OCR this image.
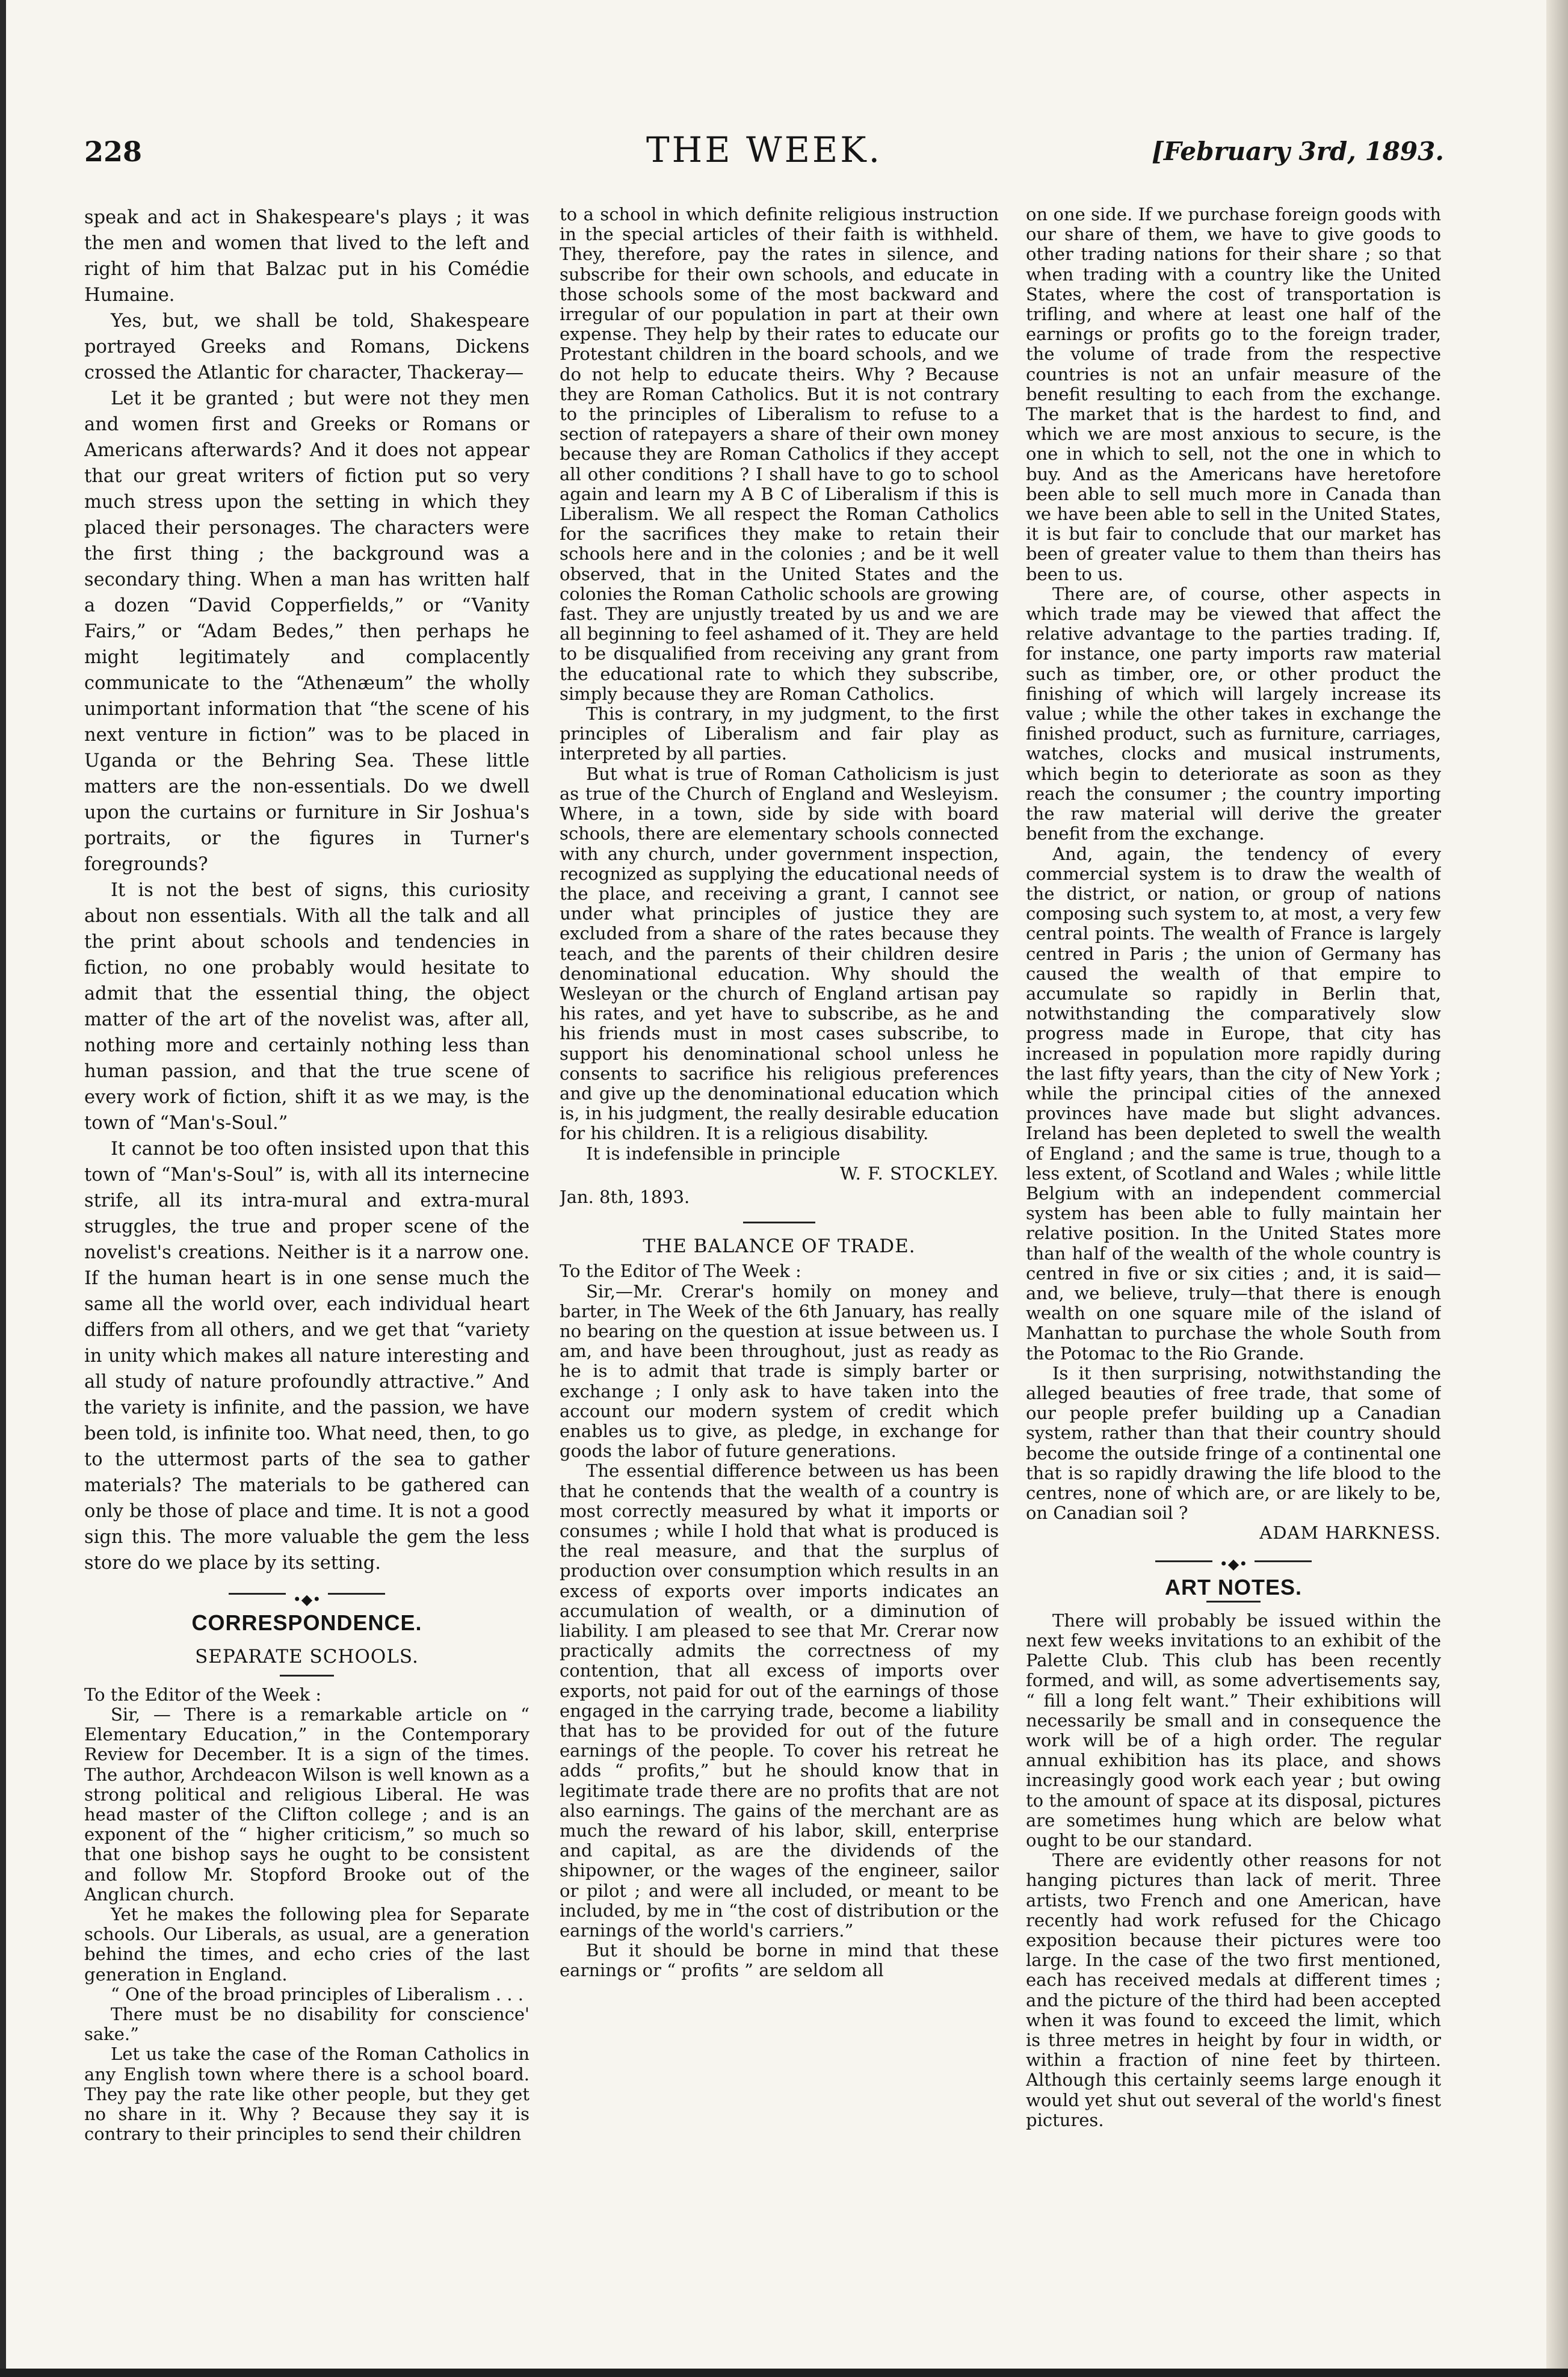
228	THE WEEK.	[February 3rd, 1893.

speak and act in Shakespeare's plays ; it was the men and women that lived to the left and right of him that Balzac put in his Comédie Humaine.

Yes, but, we shall be told, Shakespeare portrayed Greeks and Romans, Dickens crossed the Atlantic for character, Thackeray—

Let it be granted ; but were not they men and women first and Greeks or Romans or Americans afterwards? And it does not appear that our great writers of fiction put so very much stress upon the setting in which they placed their personages. The characters were the first thing ; the background was a secondary thing. When a man has written half a dozen “David Copperfields,” or “Vanity Fairs,” or “Adam Bedes,” then perhaps he might legitimately and complacently communicate to the “Athenæum” the wholly unimportant information that “the scene of his next venture in fiction” was to be placed in Uganda or the Behring Sea. These little matters are the non-essentials. Do we dwell upon the curtains or furniture in Sir Joshua's portraits, or the figures in Turner's foregrounds?

It is not the best of signs, this curiosity about non essentials. With all the talk and all the print about schools and tendencies in fiction, no one probably would hesitate to admit that the essential thing, the object matter of the art of the novelist was, after all, nothing more and certainly nothing less than human passion, and that the true scene of every work of fiction, shift it as we may, is the town of “Man's-Soul.”

It cannot be too often insisted upon that this town of “Man's-Soul” is, with all its internecine strife, all its intra-mural and extra-mural struggles, the true and proper scene of the novelist's creations. Neither is it a narrow one. If the human heart is in one sense much the same all the world over, each individual heart differs from all others, and we get that “variety in unity which makes all nature interesting and all study of nature profoundly attractive.” And the variety is infinite, and the passion, we have been told, is infinite too. What need, then, to go to the uttermost parts of the sea to gather materials? The materials to be gathered can only be those of place and time. It is not a good sign this. The more valuable the gem the less store do we place by its setting.

•◆•
CORRESPONDENCE.
SEPARATE SCHOOLS.

To the Editor of the Week :

Sir, — There is a remarkable article on “ Elementary Education,” in the Contemporary Review for December. It is a sign of the times. The author, Archdeacon Wilson is well known as a strong political and religious Liberal. He was head master of the Clifton college ; and is an exponent of the “ higher criticism,” so much so that one bishop says he ought to be consistent and follow Mr. Stopford Brooke out of the Anglican church.

Yet he makes the following plea for Separate schools. Our Liberals, as usual, are a generation behind the times, and echo cries of the last generation in England.

“ One of the broad principles of Liberalism . . .

There must be no disability for conscience' sake.”

Let us take the case of the Roman Catholics in any English town where there is a school board. They pay the rate like other people, but they get no share in it. Why ? Because they say it is contrary to their principles to send their children

to a school in which definite religious instruction in the special articles of their faith is withheld. They, therefore, pay the rates in silence, and subscribe for their own schools, and educate in those schools some of the most backward and irregular of our population in part at their own expense. They help by their rates to educate our Protestant children in the board schools, and we do not help to educate theirs. Why ? Because they are Roman Catholics. But it is not contrary to the principles of Liberalism to refuse to a section of ratepayers a share of their own money because they are Roman Catholics if they accept all other conditions ? I shall have to go to school again and learn my A B C of Liberalism if this is Liberalism. We all respect the Roman Catholics for the sacrifices they make to retain their schools here and in the colonies ; and be it well observed, that in the United States and the colonies the Roman Catholic schools are growing fast. They are unjustly treated by us and we are all beginning to feel ashamed of it. They are held to be disqualified from receiving any grant from the educational rate to which they subscribe, simply because they are Roman Catholics.

This is contrary, in my judgment, to the first principles of Liberalism and fair play as interpreted by all parties.

But what is true of Roman Catholicism is just as true of the Church of England and Wesleyism. Where, in a town, side by side with board schools, there are elementary schools connected with any church, under government inspection, recognized as supplying the educational needs of the place, and receiving a grant, I cannot see under what principles of justice they are excluded from a share of the rates because they teach, and the parents of their children desire denominational education. Why should the Wesleyan or the church of England artisan pay his rates, and yet have to subscribe, as he and his friends must in most cases subscribe, to support his denominational school unless he consents to sacrifice his religious preferences and give up the denominational education which is, in his judgment, the really desirable education for his children. It is a religious disability.

It is indefensible in principle

W. F. STOCKLEY.
Jan. 8th, 1893.
THE BALANCE OF TRADE.

To the Editor of The Week :

Sir,—Mr. Crerar's homily on money and barter, in The Week of the 6th January, has really no bearing on the question at issue between us. I am, and have been throughout, just as ready as he is to admit that trade is simply barter or exchange ; I only ask to have taken into the account our modern system of credit which enables us to give, as pledge, in exchange for goods the labor of future generations.

The essential difference between us has been that he contends that the wealth of a country is most correctly measured by what it imports or consumes ; while I hold that what is produced is the real measure, and that the surplus of production over consumption which results in an excess of exports over imports indicates an accumulation of wealth, or a diminution of liability. I am pleased to see that Mr. Crerar now practically admits the correctness of my contention, that all excess of imports over exports, not paid for out of the earnings of those engaged in the carrying trade, become a liability that has to be provided for out of the future earnings of the people. To cover his retreat he adds “ profits,” but he should know that in legitimate trade there are no profits that are not also earnings. The gains of the merchant are as much the reward of his labor, skill, enterprise and capital, as are the dividends of the shipowner, or the wages of the engineer, sailor or pilot ; and were all included, or meant to be included, by me in “the cost of distribution or the earnings of the world's carriers.”

But it should be borne in mind that these earnings or “ profits ” are seldom all

on one side. If we purchase foreign goods with our share of them, we have to give goods to other trading nations for their share ; so that when trading with a country like the United States, where the cost of transportation is trifling, and where at least one half of the earnings or profits go to the foreign trader, the volume of trade from the respective countries is not an unfair measure of the benefit resulting to each from the exchange. The market that is the hardest to find, and which we are most anxious to secure, is the one in which to sell, not the one in which to buy. And as the Americans have heretofore been able to sell much more in Canada than we have been able to sell in the United States, it is but fair to conclude that our market has been of greater value to them than theirs has been to us.

There are, of course, other aspects in which trade may be viewed that affect the relative advantage to the parties trading. If, for instance, one party imports raw material such as timber, ore, or other product the finishing of which will largely increase its value ; while the other takes in exchange the finished product, such as furniture, carriages, watches, clocks and musical instruments, which begin to deteriorate as soon as they reach the consumer ; the country importing the raw material will derive the greater benefit from the exchange.

And, again, the tendency of every commercial system is to draw the wealth of the district, or nation, or group of nations composing such system to, at most, a very few central points. The wealth of France is largely centred in Paris ; the union of Germany has caused the wealth of that empire to accumulate so rapidly in Berlin that, notwithstanding the comparatively slow progress made in Europe, that city has increased in population more rapidly during the last fifty years, than the city of New York ; while the principal cities of the annexed provinces have made but slight advances. Ireland has been depleted to swell the wealth of England ; and the same is true, though to a less extent, of Scotland and Wales ; while little Belgium with an independent commercial system has been able to fully maintain her relative position. In the United States more than half of the wealth of the whole country is centred in five or six cities ; and, it is said—and, we believe, truly—that there is enough wealth on one square mile of the island of Manhattan to purchase the whole South from the Potomac to the Rio Grande.

Is it then surprising, notwithstanding the alleged beauties of free trade, that some of our people prefer building up a Canadian system, rather than that their country should become the outside fringe of a continental one that is so rapidly drawing the life blood to the centres, none of which are, or are likely to be, on Canadian soil ?

ADAM HARKNESS.
•◆•
ART NOTES.

There will probably be issued within the next few weeks invitations to an exhibit of the Palette Club. This club has been recently formed, and will, as some advertisements say, “ fill a long felt want.” Their exhibitions will necessarily be small and in consequence the work will be of a high order. The regular annual exhibition has its place, and shows increasingly good work each year ; but owing to the amount of space at its disposal, pictures are sometimes hung which are below what ought to be our standard.

There are evidently other reasons for not hanging pictures than lack of merit. Three artists, two French and one American, have recently had work refused for the Chicago exposition because their pictures were too large. In the case of the two first mentioned, each has received medals at different times ; and the picture of the third had been accepted when it was found to exceed the limit, which is three metres in height by four in width, or within a fraction of nine feet by thirteen. Although this certainly seems large enough it would yet shut out several of the world's finest pictures.
